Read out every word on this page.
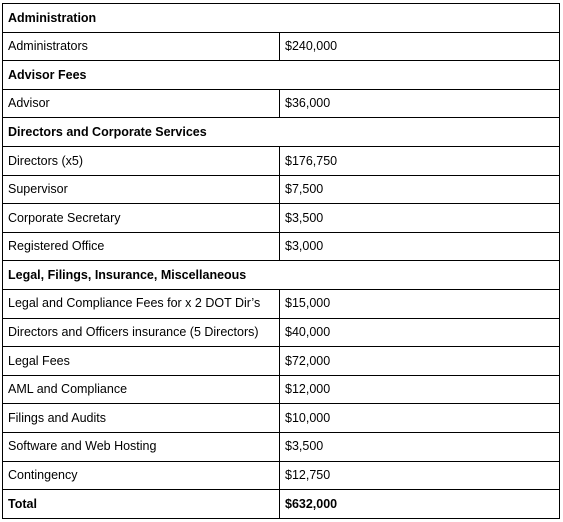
Administration	
Administrators	$240,000
Advisor Fees	
Advisor	$36,000
Directors and Corporate Services	
Directors (x5)	$176,750
Supervisor	$7,500
Corporate Secretary	$3,500
Registered Office	$3,000
Legal, Filings, Insurance, Miscellaneous	
Legal and Compliance Fees for x 2 DOT Dir’s	$15,000
Directors and Officers insurance (5 Directors)	$40,000
Legal Fees	$72,000
AML and Compliance	$12,000
Filings and Audits	$10,000
Software and Web Hosting	$3,500
Contingency	$12,750
Total	$632,000
